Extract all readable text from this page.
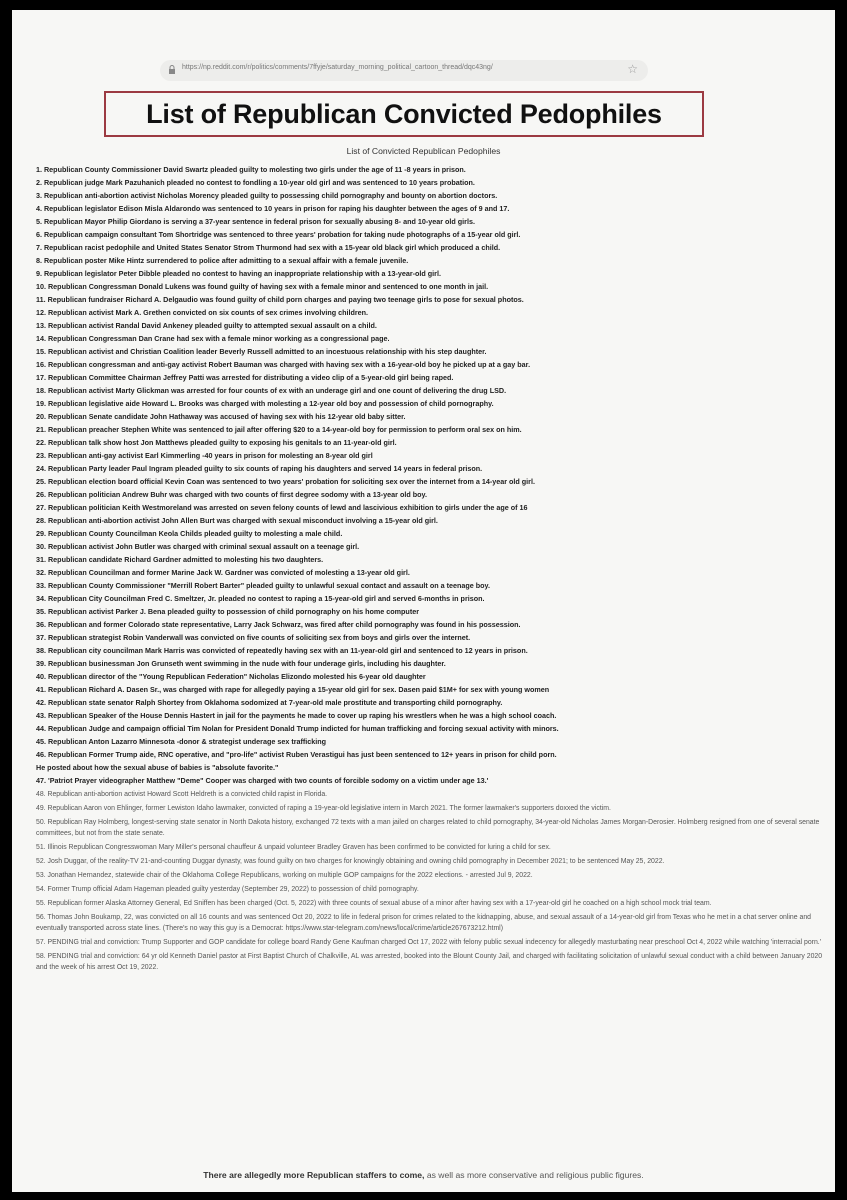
https://np.reddit.com/r/politics/comments/7ffyje/saturday_morning_political_cartoon_thread/dqc43ng/	☆
List of Republican Convicted Pedophiles
List of Convicted Republican Pedophiles
1. Republican County Commissioner David Swartz pleaded guilty to molesting two girls under the age of 11 -8 years in prison.
2. Republican judge Mark Pazuhanich pleaded no contest to fondling a 10-year old girl and was sentenced to 10 years probation.
3. Republican anti-abortion activist Nicholas Morency pleaded guilty to possessing child pornography and bounty on abortion doctors.
4. Republican legislator Edison Misla Aldarondo was sentenced to 10 years in prison for raping his daughter between the ages of 9 and 17.
5. Republican Mayor Philip Giordano is serving a 37-year sentence in federal prison for sexually abusing 8- and 10-year old girls.
6. Republican campaign consultant Tom Shortridge was sentenced to three years' probation for taking nude photographs of a 15-year old girl.
7. Republican racist pedophile and United States Senator Strom Thurmond had sex with a 15-year old black girl which produced a child.
8. Republican poster Mike Hintz surrendered to police after admitting to a sexual affair with a female juvenile.
9. Republican legislator Peter Dibble pleaded no contest to having an inappropriate relationship with a 13-year-old girl.
10. Republican Congressman Donald Lukens was found guilty of having sex with a female minor and sentenced to one month in jail.
11. Republican fundraiser Richard A. Delgaudio was found guilty of child porn charges and paying two teenage girls to pose for sexual photos.
12. Republican activist Mark A. Grethen convicted on six counts of sex crimes involving children.
13. Republican activist Randal David Ankeney pleaded guilty to attempted sexual assault on a child.
14. Republican Congressman Dan Crane had sex with a female minor working as a congressional page.
15. Republican activist and Christian Coalition leader Beverly Russell admitted to an incestuous relationship with his step daughter.
16. Republican congressman and anti-gay activist Robert Bauman was charged with having sex with a 16-year-old boy he picked up at a gay bar.
17. Republican Committee Chairman Jeffrey Patti was arrested for distributing a video clip of a 5-year-old girl being raped.
18. Republican activist Marty Glickman was arrested for four counts of ex with an underage girl and one count of delivering the drug LSD.
19. Republican legislative aide Howard L. Brooks was charged with molesting a 12-year old boy and possession of child pornography.
20. Republican Senate candidate John Hathaway was accused of having sex with his 12-year old baby sitter.
21. Republican preacher Stephen White was sentenced to jail after offering $20 to a 14-year-old boy for permission to perform oral sex on him.
22. Republican talk show host Jon Matthews pleaded guilty to exposing his genitals to an 11-year-old girl.
23. Republican anti-gay activist Earl Kimmerling -40 years in prison for molesting an 8-year old girl
24. Republican Party leader Paul Ingram pleaded guilty to six counts of raping his daughters and served 14 years in federal prison.
25. Republican election board official Kevin Coan was sentenced to two years' probation for soliciting sex over the internet from a 14-year old girl.
26. Republican politician Andrew Buhr was charged with two counts of first degree sodomy with a 13-year old boy.
27. Republican politician Keith Westmoreland was arrested on seven felony counts of lewd and lascivious exhibition to girls under the age of 16
28. Republican anti-abortion activist John Allen Burt was charged with sexual misconduct involving a 15-year old girl.
29. Republican County Councilman Keola Childs pleaded guilty to molesting a male child.
30. Republican activist John Butler was charged with criminal sexual assault on a teenage girl.
31. Republican candidate Richard Gardner admitted to molesting his two daughters.
32. Republican Councilman and former Marine Jack W. Gardner was convicted of molesting a 13-year old girl.
33. Republican County Commissioner "Merrill Robert Barter" pleaded guilty to unlawful sexual contact and assault on a teenage boy.
34. Republican City Councilman Fred C. Smeltzer, Jr. pleaded no contest to raping a 15-year-old girl and served 6-months in prison.
35. Republican activist Parker J. Bena pleaded guilty to possession of child pornography on his home computer
36. Republican and former Colorado state representative, Larry Jack Schwarz, was fired after child pornography was found in his possession.
37. Republican strategist Robin Vanderwall was convicted on five counts of soliciting sex from boys and girls over the internet.
38. Republican city councilman Mark Harris was convicted of repeatedly having sex with an 11-year-old girl and sentenced to 12 years in prison.
39. Republican businessman Jon Grunseth went swimming in the nude with four underage girls, including his daughter.
40. Republican director of the "Young Republican Federation" Nicholas Elizondo molested his 6-year old daughter
41. Republican Richard A. Dasen Sr., was charged with rape for allegedly paying a 15-year old girl for sex. Dasen paid $1M+ for sex with young women
42. Republican state senator Ralph Shortey from Oklahoma sodomized at 7-year-old male prostitute and transporting child pornography.
43. Republican Speaker of the House Dennis Hastert in jail for the payments he made to cover up raping his wrestlers when he was a high school coach.
44. Republican Judge and campaign official Tim Nolan for President Donald Trump indicted for human trafficking and forcing sexual activity with minors.
45. Republican Anton Lazarro Minnesota -donor & strategist underage sex trafficking
46. Republican Former Trump aide, RNC operative, and "pro-life" activist Ruben Verastigui has just been sentenced to 12+ years in prison for child porn.
He posted about how the sexual abuse of babies is "absolute favorite."
47. 'Patriot Prayer videographer Matthew "Deme" Cooper was charged with two counts of forcible sodomy on a victim under age 13.'
48. Republican anti-abortion activist Howard Scott Heldreth is a convicted child rapist in Florida.
49. Republican Aaron von Ehlinger, former Lewiston Idaho lawmaker, convicted of raping a 19-year-old legislative intern in March 2021. The former lawmaker's supporters doxxed the victim.
50. Republican Ray Holmberg, longest-serving state senator in North Dakota history, exchanged 72 texts with a man jailed on charges related to child pornography, 34-year-old Nicholas James Morgan-Derosier. Holmberg resigned from one of several senate committees, but not from the state senate.
51. Illinois Republican Congresswoman Mary Miller's personal chauffeur & unpaid volunteer Bradley Graven has been confirmed to be convicted for luring a child for sex.
52. Josh Duggar, of the reality-TV 21-and-counting Duggar dynasty, was found guilty on two charges for knowingly obtaining and owning child pornography in December 2021; to be sentenced May 25, 2022.
53. Jonathan Hernandez, statewide chair of the Oklahoma College Republicans, working on multiple GOP campaigns for the 2022 elections. - arrested Jul 9, 2022.
54. Former Trump official Adam Hageman pleaded guilty yesterday (September 29, 2022) to possession of child pornography.
55. Republican former Alaska Attorney General, Ed Sniffen has been charged (Oct. 5, 2022) with three counts of sexual abuse of a minor after having sex with a 17-year-old girl he coached on a high school mock trial team.
56. Thomas John Boukamp, 22, was convicted on all 16 counts and was sentenced Oct 20, 2022 to life in federal prison for crimes related to the kidnapping, abuse, and sexual assault of a 14-year-old girl from Texas who he met in a chat server online and eventually transported across state lines. (There's no way this guy is a Democrat: https://www.star-telegram.com/news/local/crime/article267673212.html)
57. PENDING trial and conviction: Trump Supporter and GOP candidate for college board Randy Gene Kaufman charged Oct 17, 2022 with felony public sexual indecency for allegedly masturbating near preschool Oct 4, 2022 while watching 'interracial porn.'
58. PENDING trial and conviction: 64 yr old Kenneth Daniel pastor at First Baptist Church of Chalkville, AL was arrested, booked into the Blount County Jail, and charged with facilitating solicitation of unlawful sexual conduct with a child between January 2020 and the week of his arrest Oct 19, 2022.
There are allegedly more Republican staffers to come, as well as more conservative and religious public figures.
